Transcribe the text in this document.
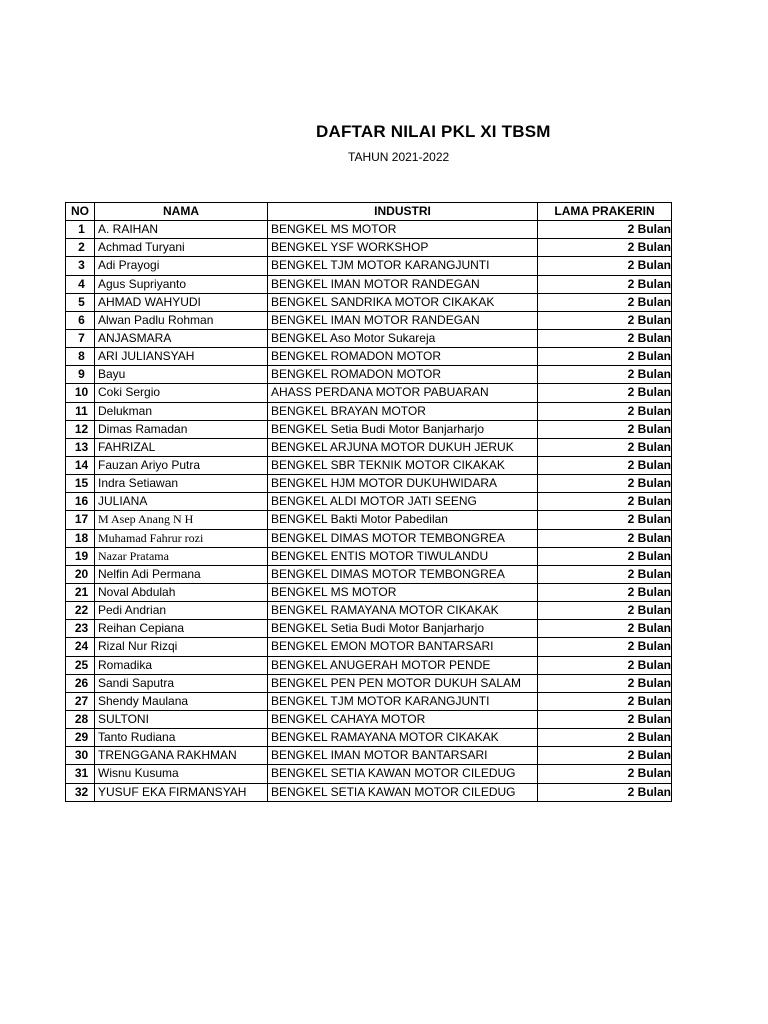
DAFTAR NILAI PKL XI TBSM
TAHUN 2021-2022
NO	NAMA	INDUSTRI	LAMA PRAKERIN
1	A. RAIHAN	BENGKEL MS MOTOR	2 Bulan
2	Achmad Turyani	BENGKEL YSF WORKSHOP	2 Bulan
3	Adi Prayogi	BENGKEL TJM MOTOR KARANGJUNTI	2 Bulan
4	Agus Supriyanto	BENGKEL IMAN MOTOR RANDEGAN	2 Bulan
5	AHMAD WAHYUDI	BENGKEL SANDRIKA MOTOR CIKAKAK	2 Bulan
6	Alwan Padlu Rohman	BENGKEL IMAN MOTOR RANDEGAN	2 Bulan
7	ANJASMARA	BENGKEL Aso Motor Sukareja	2 Bulan
8	ARI JULIANSYAH	BENGKEL ROMADON MOTOR	2 Bulan
9	Bayu	BENGKEL ROMADON MOTOR	2 Bulan
10	Coki Sergio	AHASS PERDANA MOTOR PABUARAN	2 Bulan
11	Delukman	BENGKEL BRAYAN MOTOR	2 Bulan
12	Dimas Ramadan	BENGKEL Setia Budi Motor Banjarharjo	2 Bulan
13	FAHRIZAL	BENGKEL ARJUNA MOTOR DUKUH JERUK	2 Bulan
14	Fauzan Ariyo Putra	BENGKEL SBR TEKNIK MOTOR CIKAKAK	2 Bulan
15	Indra Setiawan	BENGKEL HJM MOTOR DUKUHWIDARA	2 Bulan
16	JULIANA	BENGKEL ALDI MOTOR JATI SEENG	2 Bulan
17	M Asep Anang N H	BENGKEL Bakti Motor Pabedilan	2 Bulan
18	Muhamad Fahrur rozi	BENGKEL DIMAS MOTOR TEMBONGREA	2 Bulan
19	Nazar Pratama	BENGKEL ENTIS MOTOR TIWULANDU	2 Bulan
20	Nelfin Adi Permana	BENGKEL DIMAS MOTOR TEMBONGREA	2 Bulan
21	Noval Abdulah	BENGKEL MS MOTOR	2 Bulan
22	Pedi Andrian	BENGKEL RAMAYANA MOTOR CIKAKAK	2 Bulan
23	Reihan Cepiana	BENGKEL Setia Budi Motor Banjarharjo	2 Bulan
24	Rizal Nur Rizqi	BENGKEL EMON MOTOR BANTARSARI	2 Bulan
25	Romadika	BENGKEL ANUGERAH MOTOR PENDE	2 Bulan
26	Sandi Saputra	BENGKEL PEN PEN MOTOR DUKUH SALAM	2 Bulan
27	Shendy Maulana	BENGKEL TJM MOTOR KARANGJUNTI	2 Bulan
28	SULTONI	BENGKEL CAHAYA MOTOR	2 Bulan
29	Tanto Rudiana	BENGKEL RAMAYANA MOTOR CIKAKAK	2 Bulan
30	TRENGGANA RAKHMAN	BENGKEL IMAN MOTOR BANTARSARI	2 Bulan
31	Wisnu Kusuma	BENGKEL SETIA KAWAN MOTOR CILEDUG	2 Bulan
32	YUSUF EKA FIRMANSYAH	BENGKEL SETIA KAWAN MOTOR CILEDUG	2 Bulan
